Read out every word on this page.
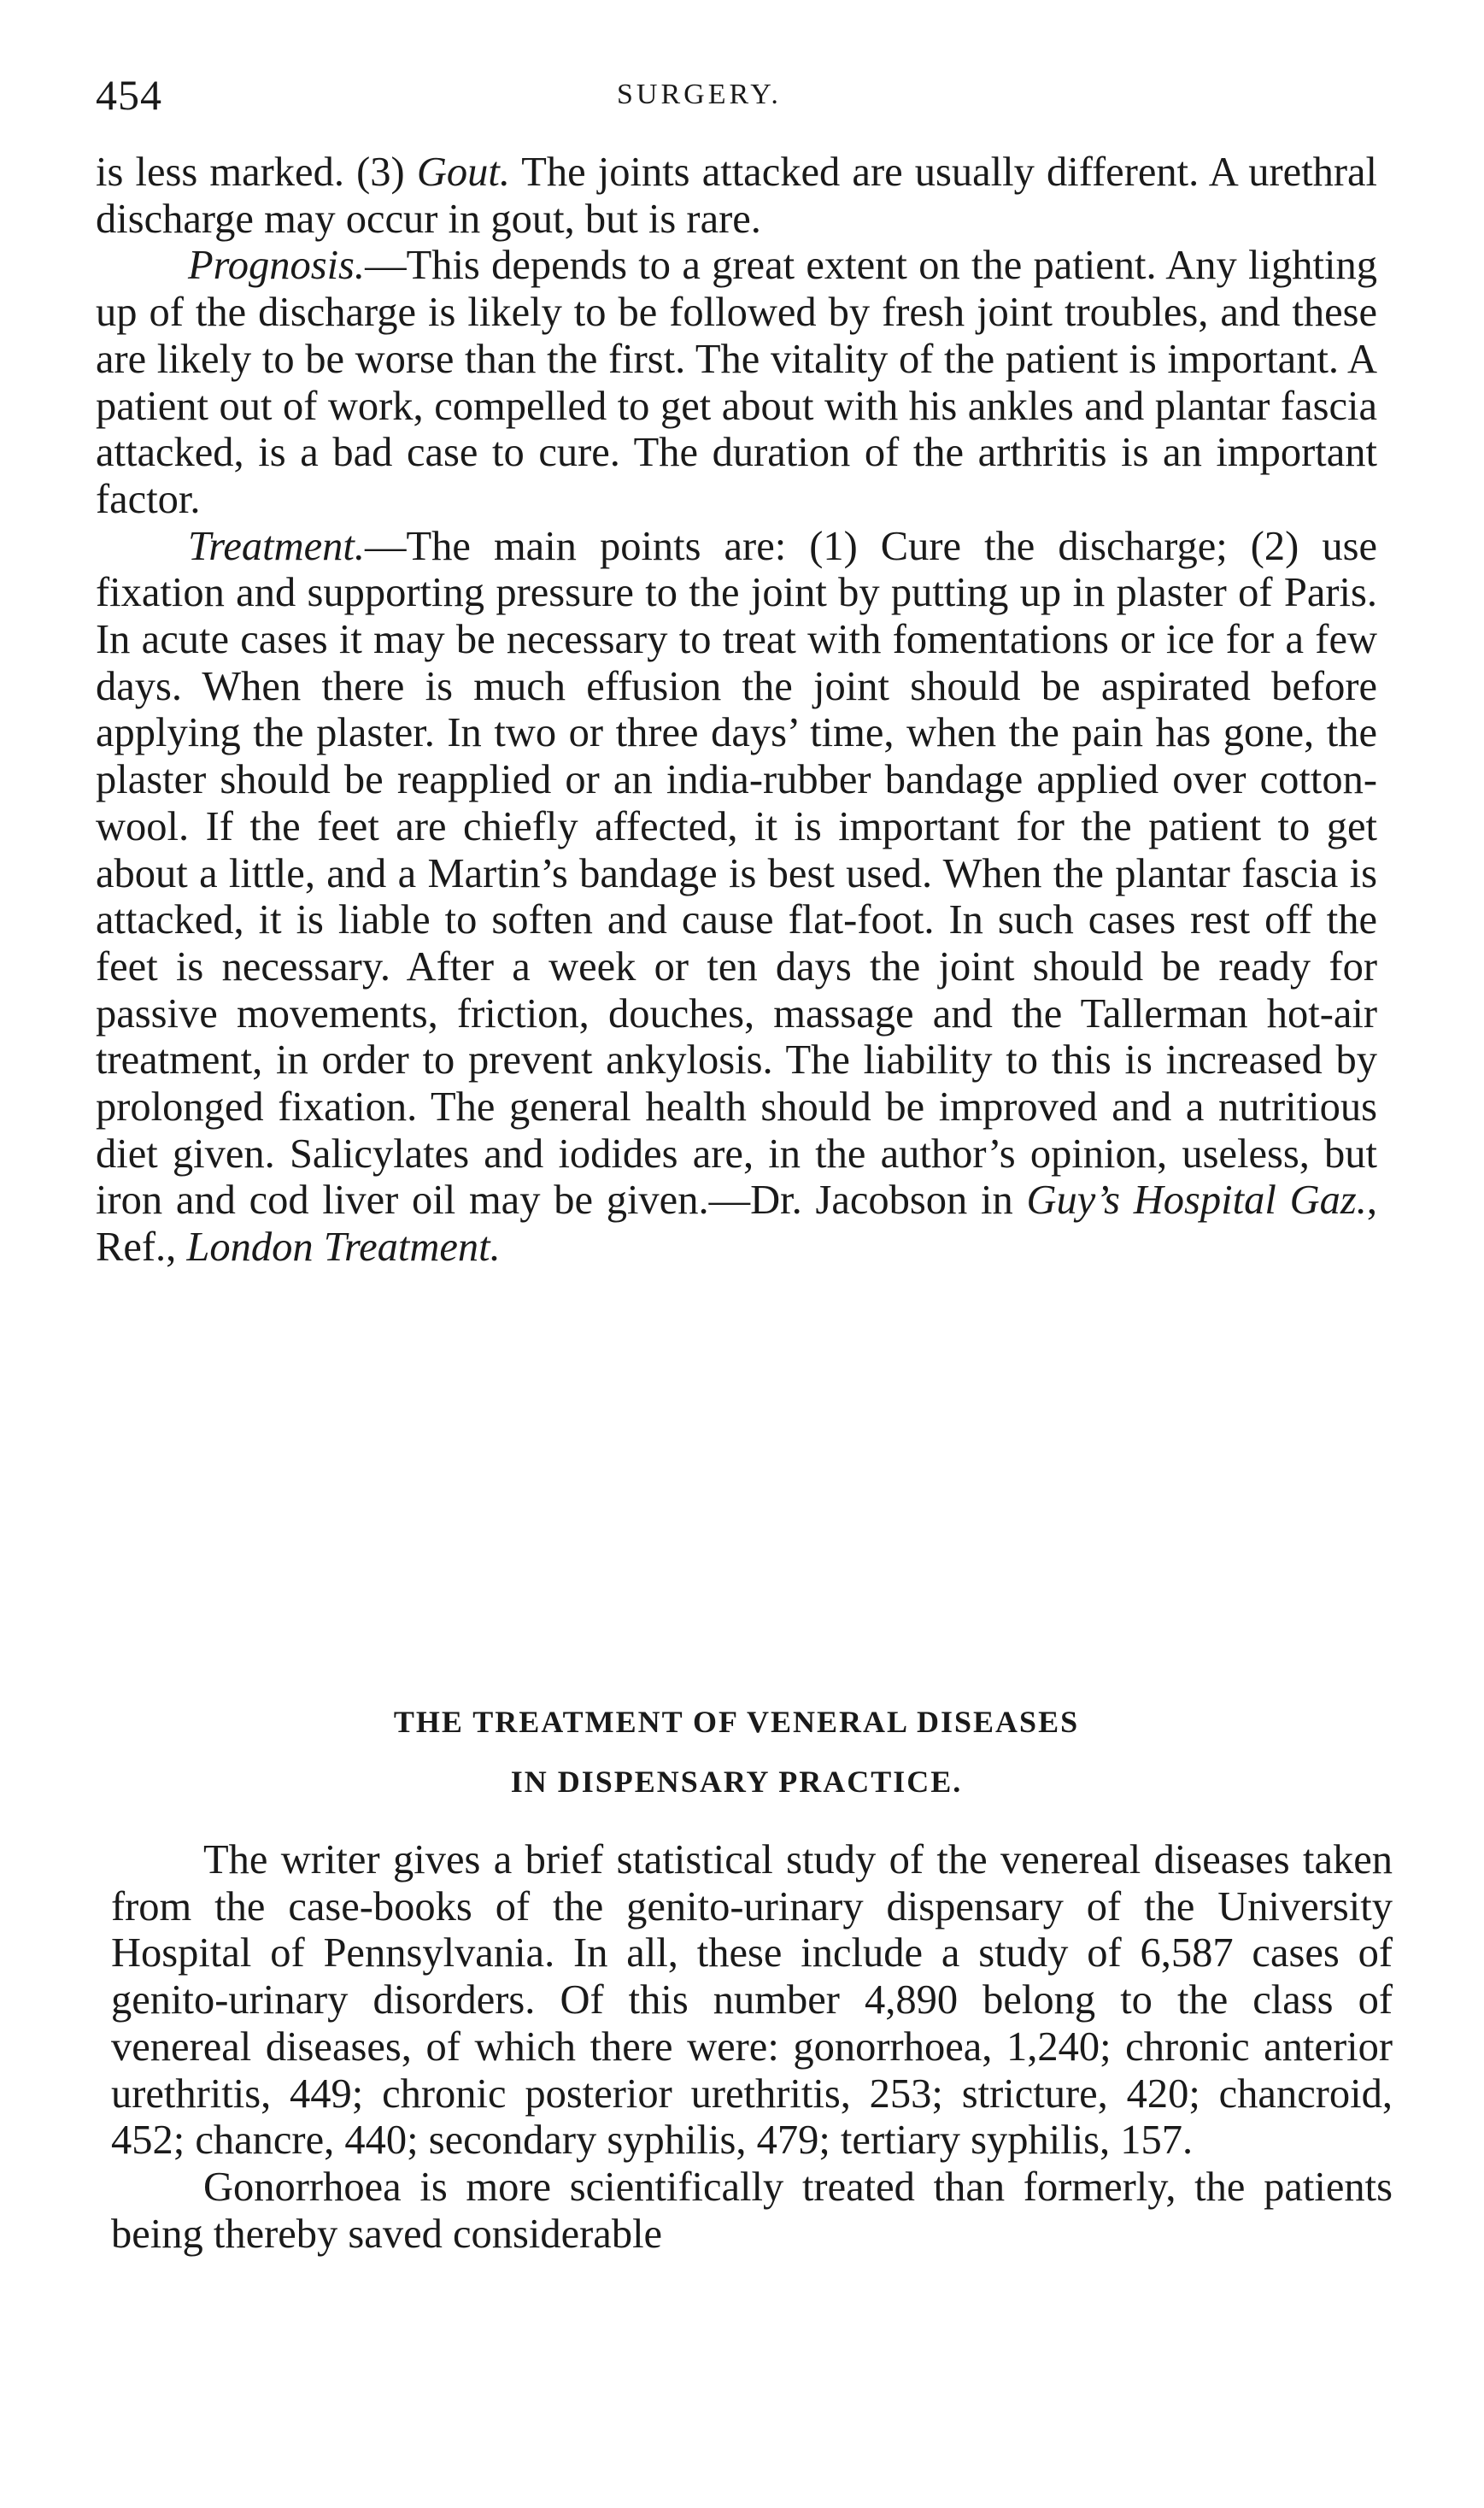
454	SURGERY.

is less marked. (3) Gout. The joints attacked are usually different. A urethral discharge may occur in gout, but is rare.

Prognosis.—This depends to a great extent on the patient. Any lighting up of the discharge is likely to be followed by fresh joint troubles, and these are likely to be worse than the first. The vitality of the patient is important. A patient out of work, compelled to get about with his ankles and plantar fascia attacked, is a bad case to cure. The duration of the arthritis is an important factor.

Treatment.—The main points are: (1) Cure the discharge; (2) use fixation and supporting pressure to the joint by putting up in plaster of Paris. In acute cases it may be necessary to treat with fomentations or ice for a few days. When there is much effusion the joint should be aspirated before applying the plaster. In two or three days’ time, when the pain has gone, the plaster should be reapplied or an india-rubber bandage applied over cotton-wool. If the feet are chiefly affected, it is important for the patient to get about a little, and a Martin’s bandage is best used. When the plantar fascia is attacked, it is liable to soften and cause flat-foot. In such cases rest off the feet is necessary. After a week or ten days the joint should be ready for passive movements, friction, douches, massage and the Tallerman hot-air treatment, in order to prevent ankylosis. The liability to this is increased by prolonged fixation. The general health should be improved and a nutritious diet given. Salicylates and iodides are, in the author’s opinion, useless, but iron and cod liver oil may be given.—Dr. Jacobson in Guy’s Hospital Gaz., Ref., London Treatment.

THE TREATMENT OF VENERAL DISEASES
IN DISPENSARY PRACTICE.

The writer gives a brief statistical study of the venereal diseases taken from the case-books of the genito-urinary dispensary of the University Hospital of Pennsylvania. In all, these include a study of 6,587 cases of genito-urinary disorders. Of this number 4,890 belong to the class of venereal diseases, of which there were: gonorrhoea, 1,240; chronic anterior urethritis, 449; chronic posterior urethritis, 253; stricture, 420; chancroid, 452; chancre, 440; secondary syphilis, 479; tertiary syphilis, 157.

Gonorrhoea is more scientifically treated than formerly, the patients being thereby saved considerable
